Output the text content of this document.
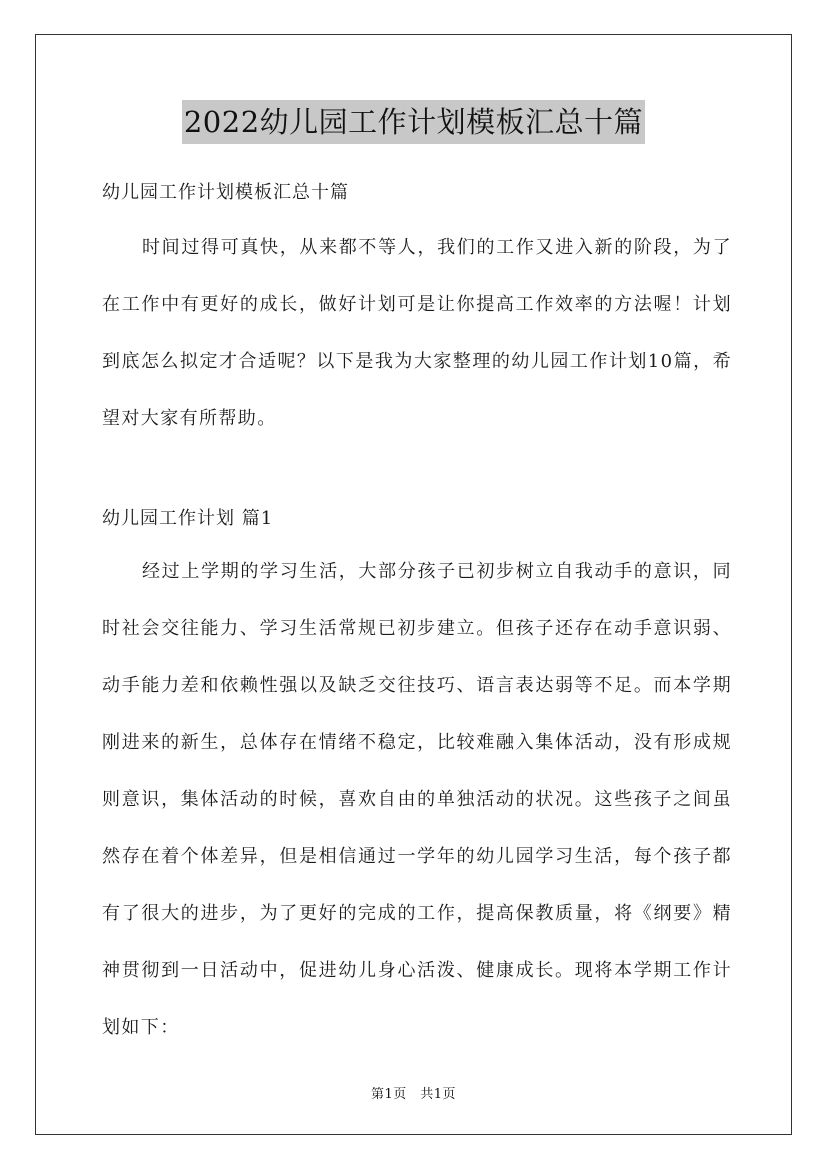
2022幼儿园工作计划模板汇总十篇
幼儿园工作计划模板汇总十篇

时间过得可真快，从来都不等人，我们的工作又进入新的阶段，为了在工作中有更好的成长，做好计划可是让你提高工作效率的方法喔！计划到底怎么拟定才合适呢？以下是我为大家整理的幼儿园工作计划10篇，希望对大家有所帮助。

幼儿园工作计划 篇1

经过上学期的学习生活，大部分孩子已初步树立自我动手的意识，同时社会交往能力、学习生活常规已初步建立。但孩子还存在动手意识弱、动手能力差和依赖性强以及缺乏交往技巧、语言表达弱等不足。而本学期刚进来的新生，总体存在情绪不稳定，比较难融入集体活动，没有形成规则意识，集体活动的时候，喜欢自由的单独活动的状况。这些孩子之间虽然存在着个体差异，但是相信通过一学年的幼儿园学习生活，每个孩子都有了很大的进步，为了更好的完成的工作，提高保教质量，将《纲要》精神贯彻到一日活动中，促进幼儿身心活泼、健康成长。现将本学期工作计划如下：

第1页　共1页
